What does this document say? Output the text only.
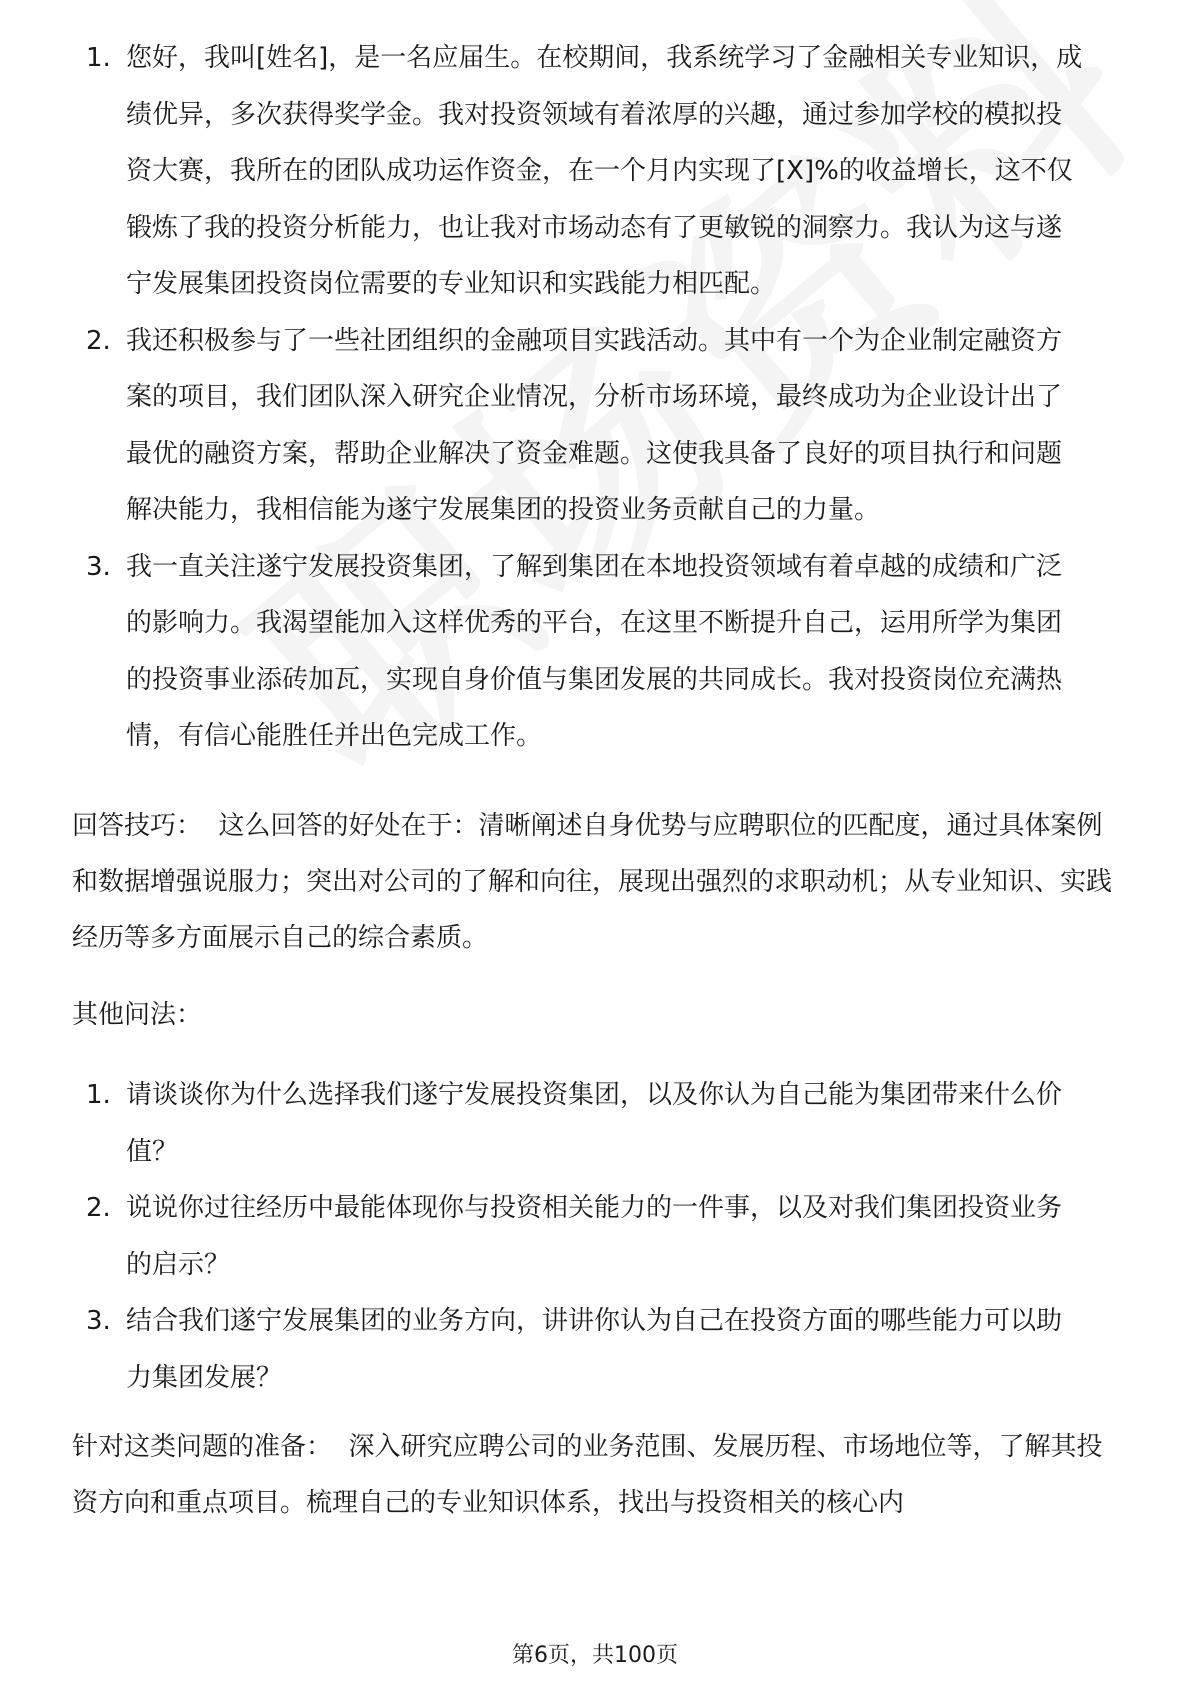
1. 您好，我叫[姓名]，是一名应届生。在校期间，我系统学习了金融相关专业知识，成绩优异，多次获得奖学金。我对投资领域有着浓厚的兴趣，通过参加学校的模拟投资大赛，我所在的团队成功运作资金，在一个月内实现了[X]%的收益增长，这不仅锻炼了我的投资分析能力，也让我对市场动态有了更敏锐的洞察力。我认为这与遂宁发展集团投资岗位需要的专业知识和实践能力相匹配。
2. 我还积极参与了一些社团组织的金融项目实践活动。其中有一个为企业制定融资方案的项目，我们团队深入研究企业情况，分析市场环境，最终成功为企业设计出了最优的融资方案，帮助企业解决了资金难题。这使我具备了良好的项目执行和问题解决能力，我相信能为遂宁发展集团的投资业务贡献自己的力量。
3. 我一直关注遂宁发展投资集团，了解到集团在本地投资领域有着卓越的成绩和广泛的影响力。我渴望能加入这样优秀的平台，在这里不断提升自己，运用所学为集团的投资事业添砖加瓦，实现自身价值与集团发展的共同成长。我对投资岗位充满热情，有信心能胜任并出色完成工作。

回答技巧： 这么回答的好处在于：清晰阐述自身优势与应聘职位的匹配度，通过具体案例和数据增强说服力；突出对公司的了解和向往，展现出强烈的求职动机；从专业知识、实践经历等多方面展示自己的综合素质。

其他问法：

1. 请谈谈你为什么选择我们遂宁发展投资集团，以及你认为自己能为集团带来什么价值？
2. 说说你过往经历中最能体现你与投资相关能力的一件事，以及对我们集团投资业务的启示？
3. 结合我们遂宁发展集团的业务方向，讲讲你认为自己在投资方面的哪些能力可以助力集团发展？
针对这类问题的准备： 深入研究应聘公司的业务范围、发展历程、市场地位等，了解其投资方向和重点项目。梳理自己的专业知识体系，找出与投资相关的核心内
第6页，共100页
